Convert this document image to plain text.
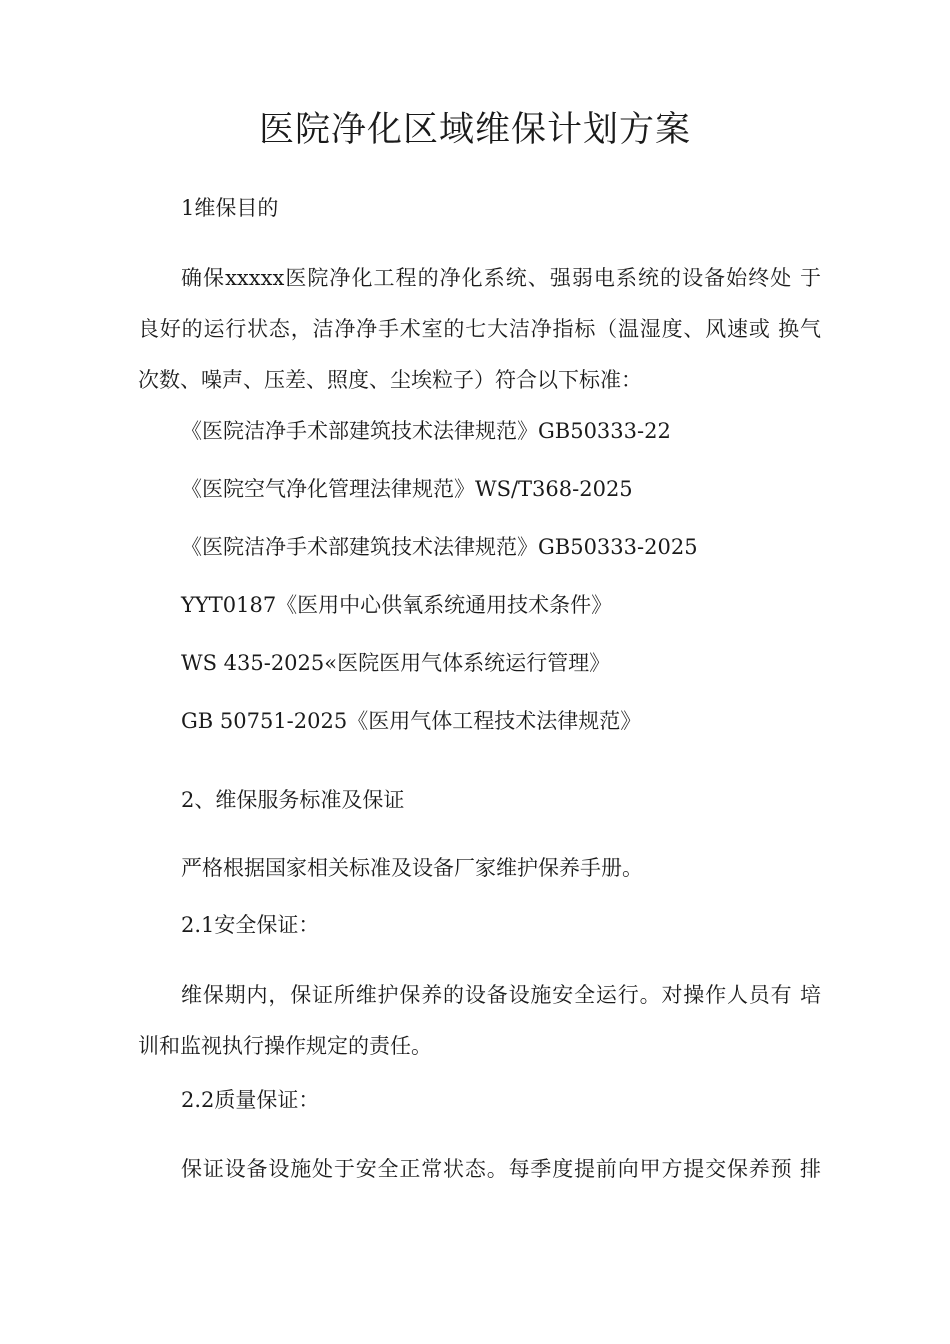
医院净化区域维保计划方案
1维保目的
确保xxxxx医院净化工程的净化系统、强弱电系统的设备始终处 于
良好的运行状态，洁净净手术室的七大洁净指标（温湿度、风速或 换气
次数、噪声、压差、照度、尘埃粒子）符合以下标准：
《医院洁净手术部建筑技术法律规范》GB50333-22
《医院空气净化管理法律规范》WS/T368-2025
《医院洁净手术部建筑技术法律规范》GB50333-2025
YYT0187《医用中心供氧系统通用技术条件》
WS 435-2025«医院医用气体系统运行管理》
GB 50751-2025《医用气体工程技术法律规范》
2、维保服务标准及保证
严格根据国家相关标准及设备厂家维护保养手册。
2.1安全保证：
维保期内，保证所维护保养的设备设施安全运行。对操作人员有 培
训和监视执行操作规定的责任。
2.2质量保证：
保证设备设施处于安全正常状态。每季度提前向甲方提交保养预 排
